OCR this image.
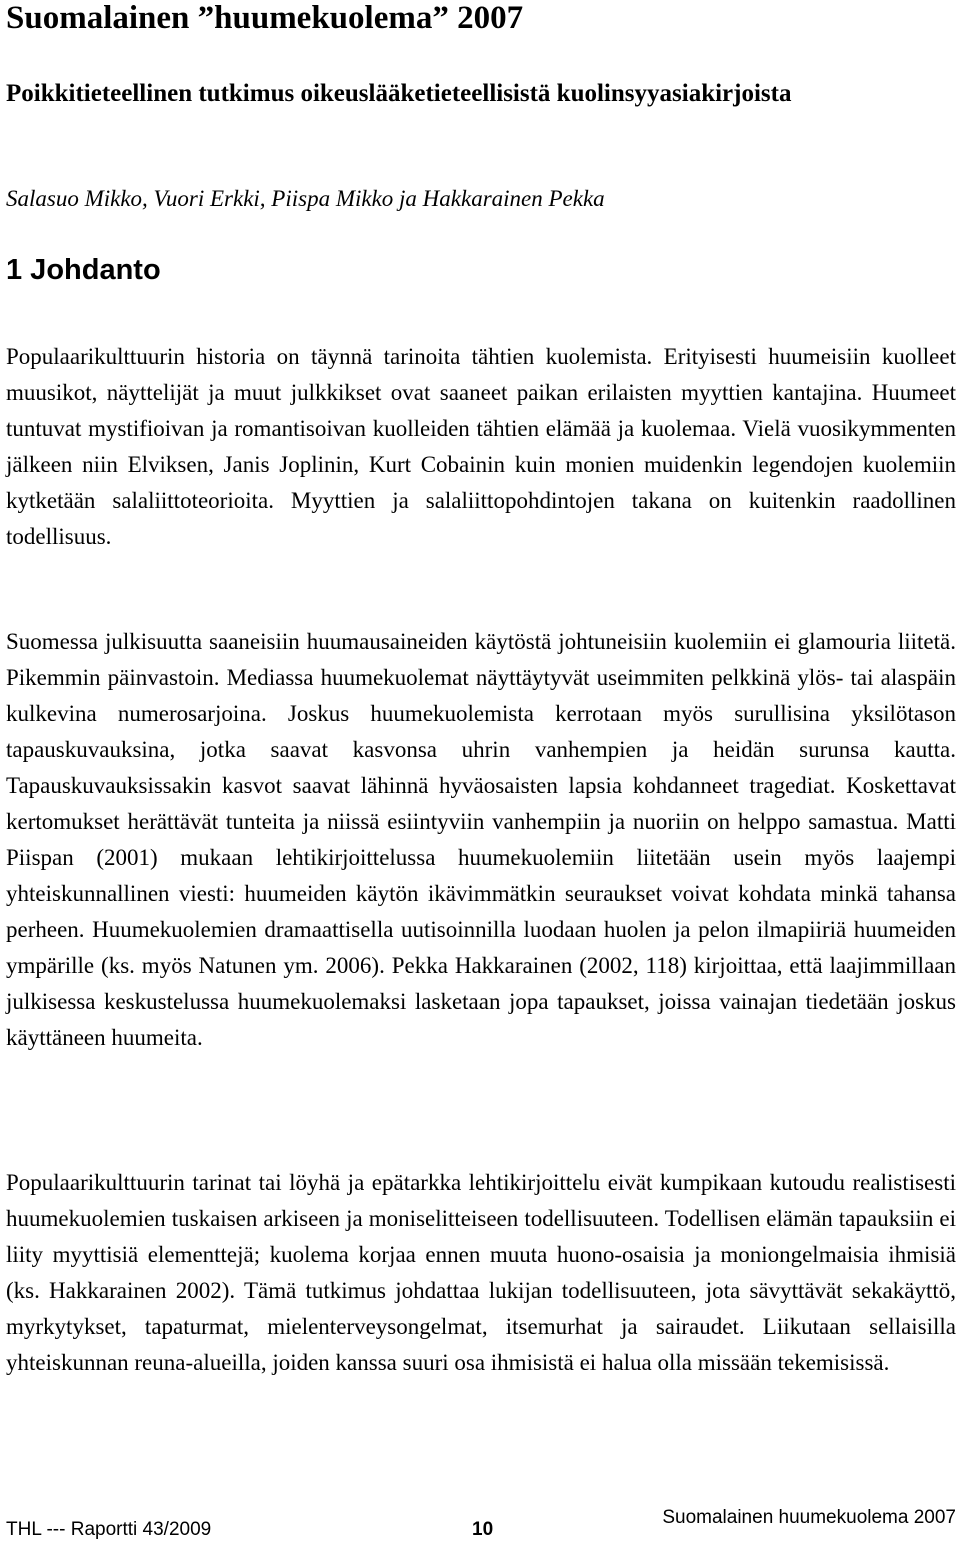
Suomalainen ”huumekuolema” 2007
Poikkitieteellinen tutkimus oikeuslääketieteellisistä kuolinsyyasiakirjoista

Salasuo Mikko, Vuori Erkki, Piispa Mikko ja Hakkarainen Pekka

1 Johdanto

Populaarikulttuurin historia on täynnä tarinoita tähtien kuolemista. Erityisesti huumeisiin kuolleet muusikot, näyttelijät ja muut julkkikset ovat saaneet paikan erilaisten myyttien kantajina. Huumeet tuntuvat mystifioivan ja romantisoivan kuolleiden tähtien elämää ja kuolemaa. Vielä vuosikymmenten jälkeen niin Elviksen, Janis Joplinin, Kurt Cobainin kuin monien muidenkin legendojen kuolemiin kytketään salaliittoteorioita. Myyttien ja salaliittopohdintojen takana on kuitenkin raadollinen todellisuus.

Suomessa julkisuutta saaneisiin huumausaineiden käytöstä johtuneisiin kuolemiin ei glamouria liitetä. Pikemmin päinvastoin. Mediassa huumekuolemat näyttäytyvät useimmiten pelkkinä ylös- tai alaspäin kulkevina numerosarjoina. Joskus huumekuolemista kerrotaan myös surullisina yksilötason tapauskuvauksina, jotka saavat kasvonsa uhrin vanhempien ja heidän surunsa kautta. Tapauskuvauksissakin kasvot saavat lähinnä hyväosaisten lapsia kohdanneet tragediat. Koskettavat kertomukset herättävät tunteita ja niissä esiintyviin vanhempiin ja nuoriin on helppo samastua. Matti Piispan (2001) mukaan lehtikirjoittelussa huumekuolemiin liitetään usein myös laajempi yhteiskunnallinen viesti: huumeiden käytön ikävimmätkin seuraukset voivat kohdata minkä tahansa perheen. Huumekuolemien dramaattisella uutisoinnilla luodaan huolen ja pelon ilmapiiriä huumeiden ympärille (ks. myös Natunen ym. 2006). Pekka Hakkarainen (2002, 118) kirjoittaa, että laajimmillaan julkisessa keskustelussa huumekuolemaksi lasketaan jopa tapaukset, joissa vainajan tiedetään joskus käyttäneen huumeita.

Populaarikulttuurin tarinat tai löyhä ja epätarkka lehtikirjoittelu eivät kumpikaan kutoudu realistisesti huumekuolemien tuskaisen arkiseen ja moniselitteiseen todellisuuteen. Todellisen elämän tapauksiin ei liity myyttisiä elementtejä; kuolema korjaa ennen muuta huono-osaisia ja moniongelmaisia ihmisiä (ks. Hakkarainen 2002). Tämä tutkimus johdattaa lukijan todellisuuteen, jota sävyttävät sekakäyttö, myrkytykset, tapaturmat, mielenterveysongelmat, itsemurhat ja sairaudet. Liikutaan sellaisilla yhteiskunnan reuna-alueilla, joiden kanssa suuri osa ihmisistä ei halua olla missään tekemisissä.

THL --- Raportti 43/2009	10
Suomalainen huumekuolema 2007
